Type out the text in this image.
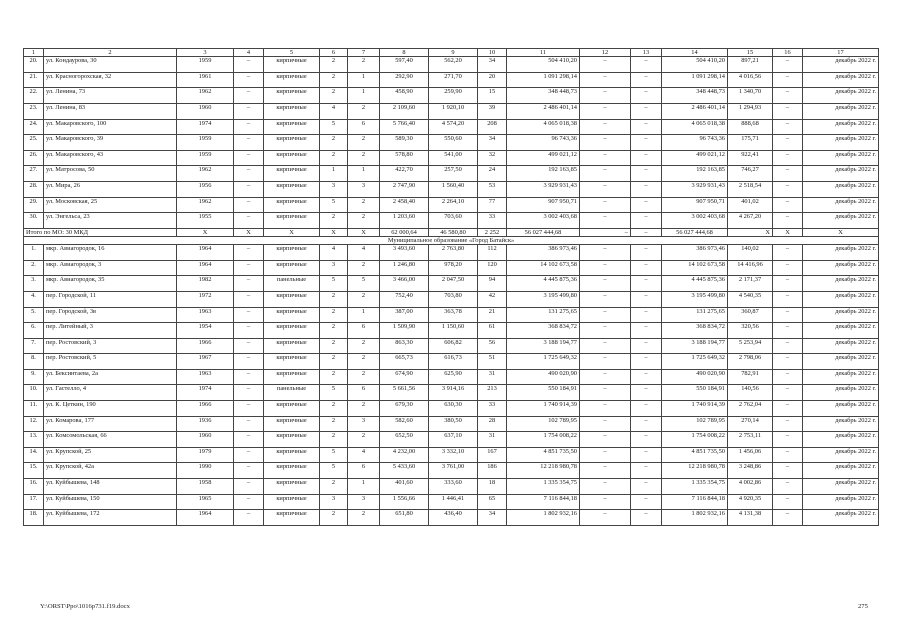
1	2	3	4	5	6	7	8	9	10	11	12	13	14	15	16	17
20.	ул. Кондаурова, 30	1959	–	кирпичные	2	2	597,40	562,20	34	504 410,20	–	–	504 410,20	897,21	–	декабрь 2022 г.
21.	ул. Красногорохская, 32	1961	–	кирпичные	2	1	292,90	271,70	20	1 091 298,14	–	–	1 091 298,14	4 016,56	–	декабрь 2022 г.
22.	ул. Ленина, 73	1962	–	кирпичные	2	1	458,90	259,90	15	348 448,73	–	–	348 448,73	1 340,70	–	декабрь 2022 г.
23.	ул. Ленина, 83	1960	–	кирпичные	4	2	2 109,60	1 920,10	39	2 486 401,14	–	–	2 486 401,14	1 294,93	–	декабрь 2022 г.
24.	ул. Макаровского, 100	1974	–	кирпичные	5	6	5 766,40	4 574,20	208	4 065 018,38	–	–	4 065 018,38	888,68	–	декабрь 2022 г.
25.	ул. Макаровского, 39	1959	–	кирпичные	2	2	589,30	550,60	34	96 743,36	–	–	96 743,36	175,71	–	декабрь 2022 г.
26.	ул. Макаровского, 43	1959	–	кирпичные	2	2	578,80	541,00	32	499 021,12	–	–	499 021,12	922,41	–	декабрь 2022 г.
27.	ул. Матросова, 50	1962	–	кирпичные	1	1	422,70	257,50	24	192 163,85	–	–	192 163,85	746,27	–	декабрь 2022 г.
28.	ул. Мира, 26	1956	–	кирпичные	3	3	2 747,90	1 560,40	53	3 929 931,43	–	–	3 929 931,43	2 518,54	–	декабрь 2022 г.
29.	ул. Московская, 25	1962	–	кирпичные	5	2	2 458,40	2 264,10	77	907 950,71	–	–	907 950,71	401,02	–	декабрь 2022 г.
30.	ул. Энгельса, 23	1955	–	кирпичные	2	2	1 203,60	703,60	33	3 002 403,68	–	–	3 002 403,68	4 267,20	–	декабрь 2022 г.
Итого по МО: 30 МКД		X	X	X	X	X	62 000,64	46 580,80	2 252	56 027 444,68	–	–	56 027 444,68	X	X	X
Муниципальное образование «Город Батайск»																
1.	мкр. Авиагородок, 16	1964	–	кирпичные	4	4	3 493,60	2 763,80	112	386 973,46	–	–	386 973,46	140,02	–	декабрь 2022 г.
2.	мкр. Авиагородок, 3	1964	–	кирпичные	3	2	1 246,80	978,20	120	14 102 673,58	–	–	14 102 673,58	14 416,96	–	декабрь 2022 г.
3.	мкр. Авиагородок, 35	1982	–	панельные	5	5	3 466,00	2 047,50	94	4 445 875,36	–	–	4 445 875,36	2 171,37	–	декабрь 2022 г.
4.	пер. Городской, 11	1972	–	кирпичные	2	2	752,40	703,80	42	3 195 499,80	–	–	3 195 499,80	4 540,35	–	декабрь 2022 г.
5.	пер. Городской, 3в	1963	–	кирпичные	2	1	387,00	363,78	21	131 275,65	–	–	131 275,65	360,87	–	декабрь 2022 г.
6.	пер. Литейный, 3	1954	–	кирпичные	2	6	1 509,90	1 150,60	61	368 834,72	–	–	368 834,72	320,56	–	декабрь 2022 г.
7.	пер. Ростовский, 3	1966	–	кирпичные	2	2	863,30	606,82	56	3 188 194,77	–	–	3 188 194,77	5 253,94	–	декабрь 2022 г.
8.	пер. Ростовский, 5	1967	–	кирпичные	2	2	665,73	616,73	51	1 725 649,32	–	–	1 725 649,32	2 798,06	–	декабрь 2022 г.
9.	ул. Бексинтаева, 2а	1963	–	кирпичные	2	2	674,90	625,90	31	490 020,90	–	–	490 020,90	782,91	–	декабрь 2022 г.
10.	ул. Гастелло, 4	1974	–	панельные	5	6	5 661,56	3 914,16	213	550 184,91	–	–	550 184,91	140,56	–	декабрь 2022 г.
11.	ул. К. Цеткин, 190	1966	–	кирпичные	2	2	679,30	630,30	33	1 740 914,39	–	–	1 740 914,39	2 762,04	–	декабрь 2022 г.
12.	ул. Комарова, 177	1936	–	кирпичные	2	3	582,60	380,50	28	102 789,95	–	–	102 789,95	270,14	–	декабрь 2022 г.
13.	ул. Комсомольская, 66	1960	–	кирпичные	2	2	652,50	637,10	31	1 754 008,22	–	–	1 754 008,22	2 753,11	–	декабрь 2022 г.
14.	ул. Крупской, 25	1979	–	кирпичные	5	4	4 232,00	3 332,10	167	4 851 735,50	–	–	4 851 735,50	1 456,06	–	декабрь 2022 г.
15.	ул. Крупской, 42а	1990	–	кирпичные	5	6	5 433,60	3 761,00	186	12 218 980,78	–	–	12 218 980,78	3 248,86	–	декабрь 2022 г.
16.	ул. Куйбышева, 148	1958	–	кирпичные	2	1	401,60	333,60	18	1 335 354,75	–	–	1 335 354,75	4 002,86	–	декабрь 2022 г.
17.	ул. Куйбышева, 150	1965	–	кирпичные	3	3	1 556,66	1 446,41	65	7 116 844,18	–	–	7 116 844,18	4 920,35	–	декабрь 2022 г.
18.	ул. Куйбышева, 172	1964	–	кирпичные	2	2	651,80	436,40	34	1 802 932,16	–	–	1 802 932,16	4 131,38	–	декабрь 2022 г.
Y:\ORST\Ppo\1016p731.f19.docx	275
